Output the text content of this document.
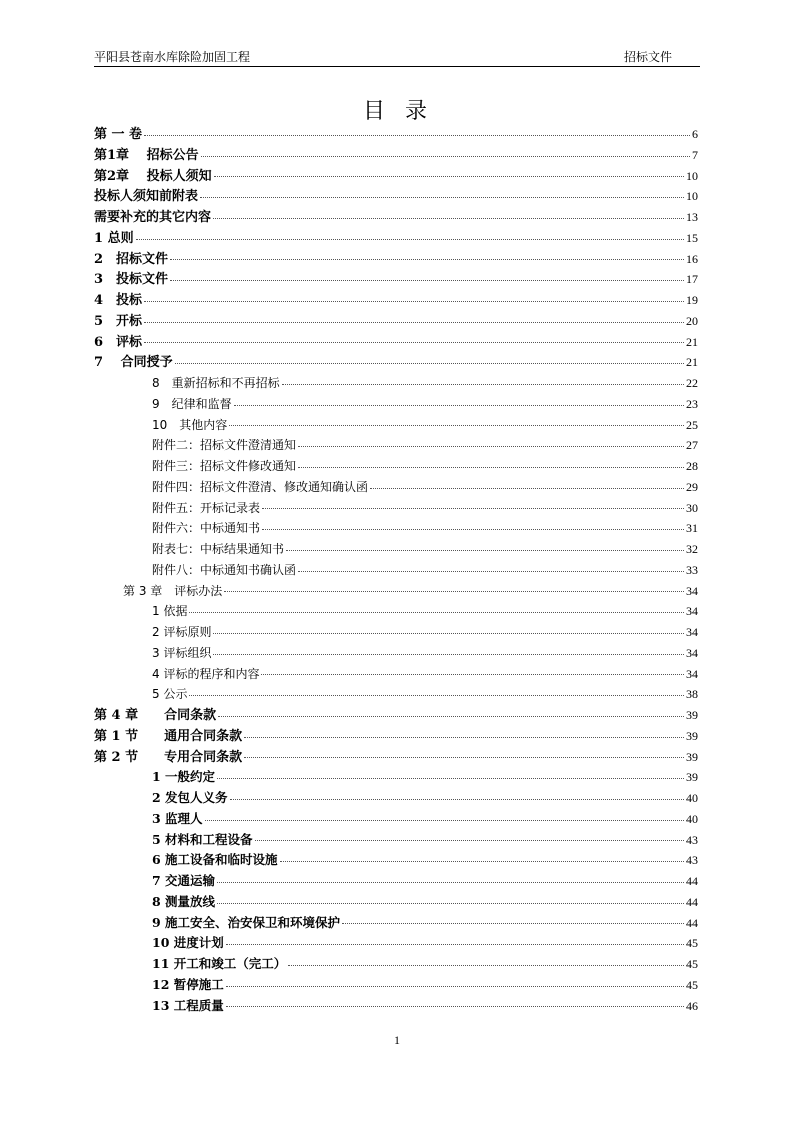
平阳县苍南水库除险加固工程	招标文件
目录
第 一 卷	6
第1章　 招标公告	7
第2章　 投标人须知	10
投标人须知前附表	10
需要补充的其它内容	13
1 总则	15
2　招标文件	16
3　投标文件	17
4　投标	19
5　开标	20
6　评标	21
7　 合同授予	21
8　重新招标和不再招标	22
9　纪律和监督	23
10　其他内容	25
附件二：招标文件澄清通知	27
附件三：招标文件修改通知	28
附件四：招标文件澄清、修改通知确认函	29
附件五：开标记录表	30
附件六：中标通知书	31
附表七：中标结果通知书	32
附件八：中标通知书确认函	33
第 3 章　评标办法	34
1 依据	34
2 评标原则	34
3 评标组织	34
4 评标的程序和内容	34
5 公示	38
第 4 章　　合同条款	39
第 1 节　　通用合同条款	39
第 2 节　　专用合同条款	39
1 一般约定	39
2 发包人义务	40
3 监理人	40
5 材料和工程设备	43
6 施工设备和临时设施	43
7 交通运输	44
8 测量放线	44
9 施工安全、治安保卫和环境保护	44
10 进度计划	45
11 开工和竣工（完工）	45
12 暂停施工	45
13 工程质量	46
1
